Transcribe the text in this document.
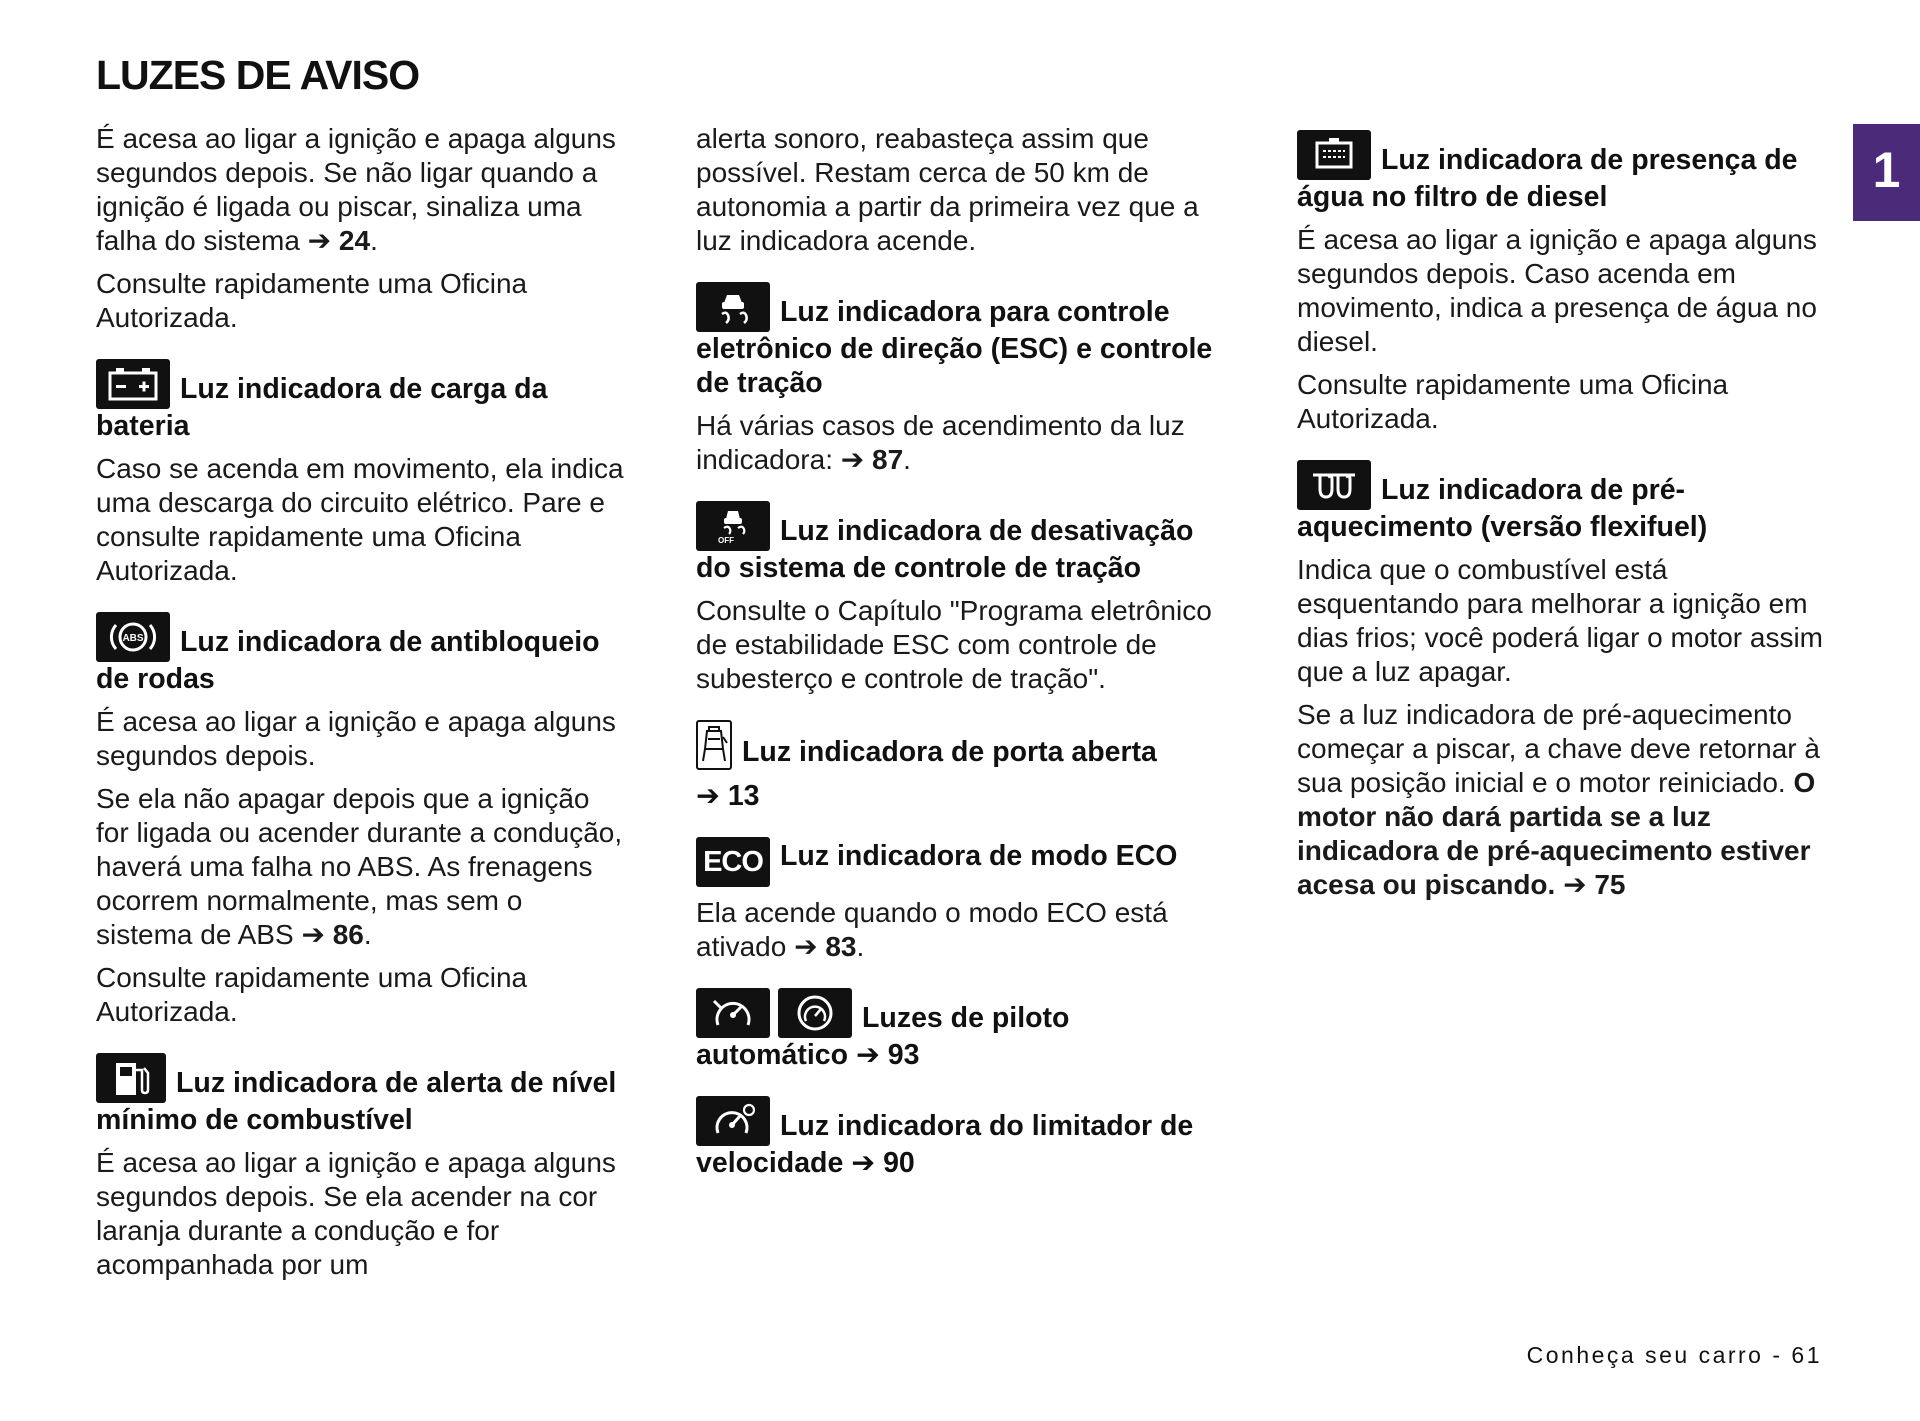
LUZES DE AVISO
1

É acesa ao ligar a ignição e apaga alguns segundos depois. Se não ligar quando a ignição é ligada ou piscar, sinaliza uma falha do sistema ➔ 24.

Consulte rapidamente uma Oficina Autorizada.

Luz indicadora de carga da bateria

Caso se acenda em movimento, ela indica uma descarga do circuito elétrico. Pare e consulte rapidamente uma Oficina Autorizada.

ABS Luz indicadora de antibloqueio de rodas

É acesa ao ligar a ignição e apaga alguns segundos depois.

Se ela não apagar depois que a ignição for ligada ou acender durante a condução, haverá uma falha no ABS. As frenagens ocorrem normalmente, mas sem o sistema de ABS ➔ 86.

Consulte rapidamente uma Oficina Autorizada.

Luz indicadora de alerta de nível mínimo de combustível

É acesa ao ligar a ignição e apaga alguns segundos depois. Se ela acender na cor laranja durante a condução e for acompanhada por um

alerta sonoro, reabasteça assim que possível. Restam cerca de 50 km de autonomia a partir da primeira vez que a luz indicadora acende.

Luz indicadora para controle eletrônico de direção (ESC) e controle de tração

Há várias casos de acendimento da luz indicadora: ➔ 87.

OFF Luz indicadora de desativação do sistema de controle de tração

Consulte o Capítulo "Programa eletrônico de estabilidade ESC com controle de subesterço e controle de tração".

Luz indicadora de porta aberta
➔ 13
ECO Luz indicadora de modo ECO

Ela acende quando o modo ECO está ativado ➔ 83.

Luzes de piloto automático ➔ 93
Luz indicadora do limitador de velocidade ➔ 90
Luz indicadora de presença de água no filtro de diesel

É acesa ao ligar a ignição e apaga alguns segundos depois. Caso acenda em movimento, indica a presença de água no diesel.

Consulte rapidamente uma Oficina Autorizada.

Luz indicadora de pré-aquecimento (versão flexifuel)

Indica que o combustível está esquentando para melhorar a ignição em dias frios; você poderá ligar o motor assim que a luz apagar.

Se a luz indicadora de pré-aquecimento começar a piscar, a chave deve retornar à sua posição inicial e o motor reiniciado. O motor não dará partida se a luz indicadora de pré-aquecimento estiver acesa ou piscando. ➔ 75

Conheça seu carro - 61
